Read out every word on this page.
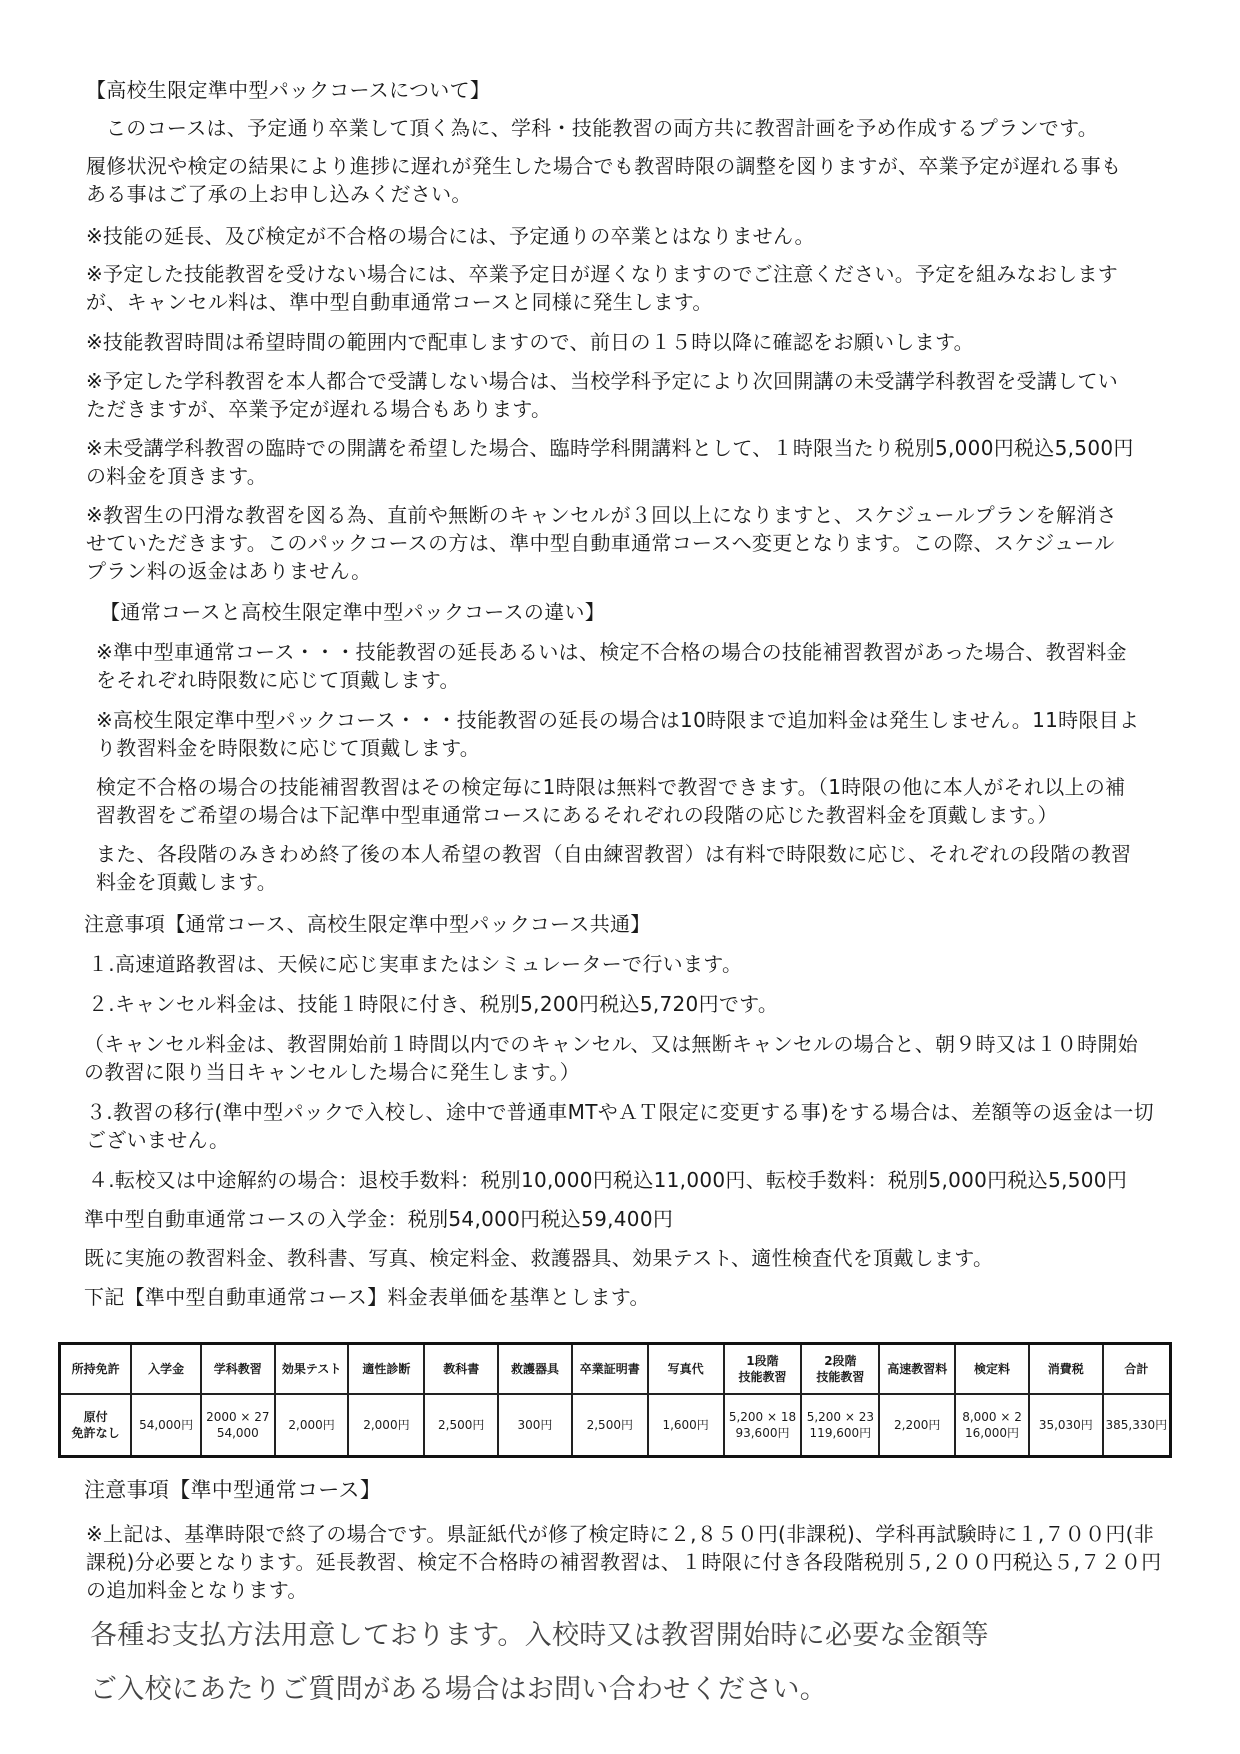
【高校生限定準中型パックコースについて】

このコースは、予定通り卒業して頂く為に、学科・技能教習の両方共に教習計画を予め作成するプランです。

履修状況や検定の結果により進捗に遅れが発生した場合でも教習時限の調整を図りますが、卒業予定が遅れる事も

ある事はご了承の上お申し込みください。

※技能の延長、及び検定が不合格の場合には、予定通りの卒業とはなりません。

※予定した技能教習を受けない場合には、卒業予定日が遅くなりますのでご注意ください。予定を組みなおします

が、キャンセル料は、準中型自動車通常コースと同様に発生します。

※技能教習時間は希望時間の範囲内で配車しますので、前日の１５時以降に確認をお願いします。

※予定した学科教習を本人都合で受講しない場合は、当校学科予定により次回開講の未受講学科教習を受講してい

ただきますが、卒業予定が遅れる場合もあります。

※未受講学科教習の臨時での開講を希望した場合、臨時学科開講料として、１時限当たり税別5,000円税込5,500円

の料金を頂きます。

※教習生の円滑な教習を図る為、直前や無断のキャンセルが３回以上になりますと、スケジュールプランを解消さ

せていただきます。このパックコースの方は、準中型自動車通常コースへ変更となります。この際、スケジュール

プラン料の返金はありません。

【通常コースと高校生限定準中型パックコースの違い】

※準中型車通常コース・・・技能教習の延長あるいは、検定不合格の場合の技能補習教習があった場合、教習料金

をそれぞれ時限数に応じて頂戴します。

※高校生限定準中型パックコース・・・技能教習の延長の場合は10時限まで追加料金は発生しません。11時限目よ

り教習料金を時限数に応じて頂戴します。

検定不合格の場合の技能補習教習はその検定毎に1時限は無料で教習できます。（1時限の他に本人がそれ以上の補

習教習をご希望の場合は下記準中型車通常コースにあるそれぞれの段階の応じた教習料金を頂戴します。）

また、各段階のみきわめ終了後の本人希望の教習（自由練習教習）は有料で時限数に応じ、それぞれの段階の教習

料金を頂戴します。

注意事項【通常コース、高校生限定準中型パックコース共通】

１.高速道路教習は、天候に応じ実車またはシミュレーターで行います。

２.キャンセル料金は、技能１時限に付き、税別5,200円税込5,720円です。

（キャンセル料金は、教習開始前１時間以内でのキャンセル、又は無断キャンセルの場合と、朝９時又は１０時開始

の教習に限り当日キャンセルした場合に発生します。）

３.教習の移行(準中型パックで入校し、途中で普通車MTやＡＴ限定に変更する事)をする場合は、差額等の返金は一切

ございません。

４.転校又は中途解約の場合：退校手数料：税別10,000円税込11,000円、転校手数料：税別5,000円税込5,500円

準中型自動車通常コースの入学金：税別54,000円税込59,400円

既に実施の教習料金、教科書、写真、検定料金、救護器具、効果テスト、適性検査代を頂戴します。

下記【準中型自動車通常コース】料金表単価を基準とします。

所持免許	入学金	学科教習	効果テスト	適性診断	教科書	救護器具	卒業証明書	写真代	1段階
技能教習	2段階
技能教習	高速教習料	検定料	消費税	合計
原付
免許なし	54,000円	2000 × 27
54,000	2,000円	2,000円	2,500円	300円	2,500円	1,600円	5,200 × 18
93,600円	5,200 × 23
119,600円	2,200円	8,000 × 2
16,000円	35,030円	385,330円

注意事項【準中型通常コース】

※上記は、基準時限で終了の場合です。県証紙代が修了検定時に２,８５０円(非課税)、学科再試験時に１,７００円(非

課税)分必要となります。延長教習、検定不合格時の補習教習は、１時限に付き各段階税別５,２００円税込５,７２０円

の追加料金となります。

各種お支払方法用意しております。入校時又は教習開始時に必要な金額等

ご入校にあたりご質問がある場合はお問い合わせください。
